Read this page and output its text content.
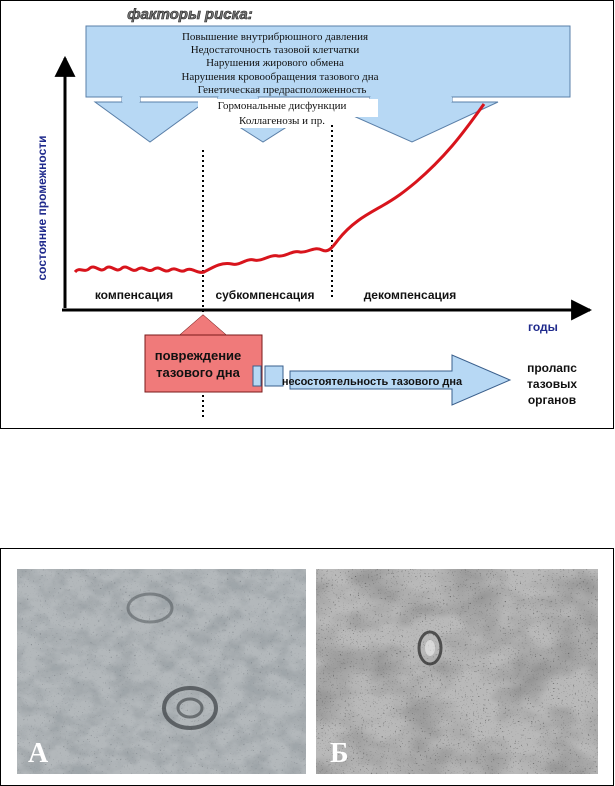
факторы риска:
Повышение внутрибрюшного давления
Недостаточность тазовой клетчатки
Нарушения жирового обмена
Нарушения кровообращения тазового дна
Генетическая предрасположенность
Гормональные дисфункции
Коллагенозы и пр.
состояние промежности
годы
компенсация	субкомпенсация	декомпенсация
повреждение
тазового дна
несостоятельность тазового дна
пролапс
тазовых
органов
А	Б
